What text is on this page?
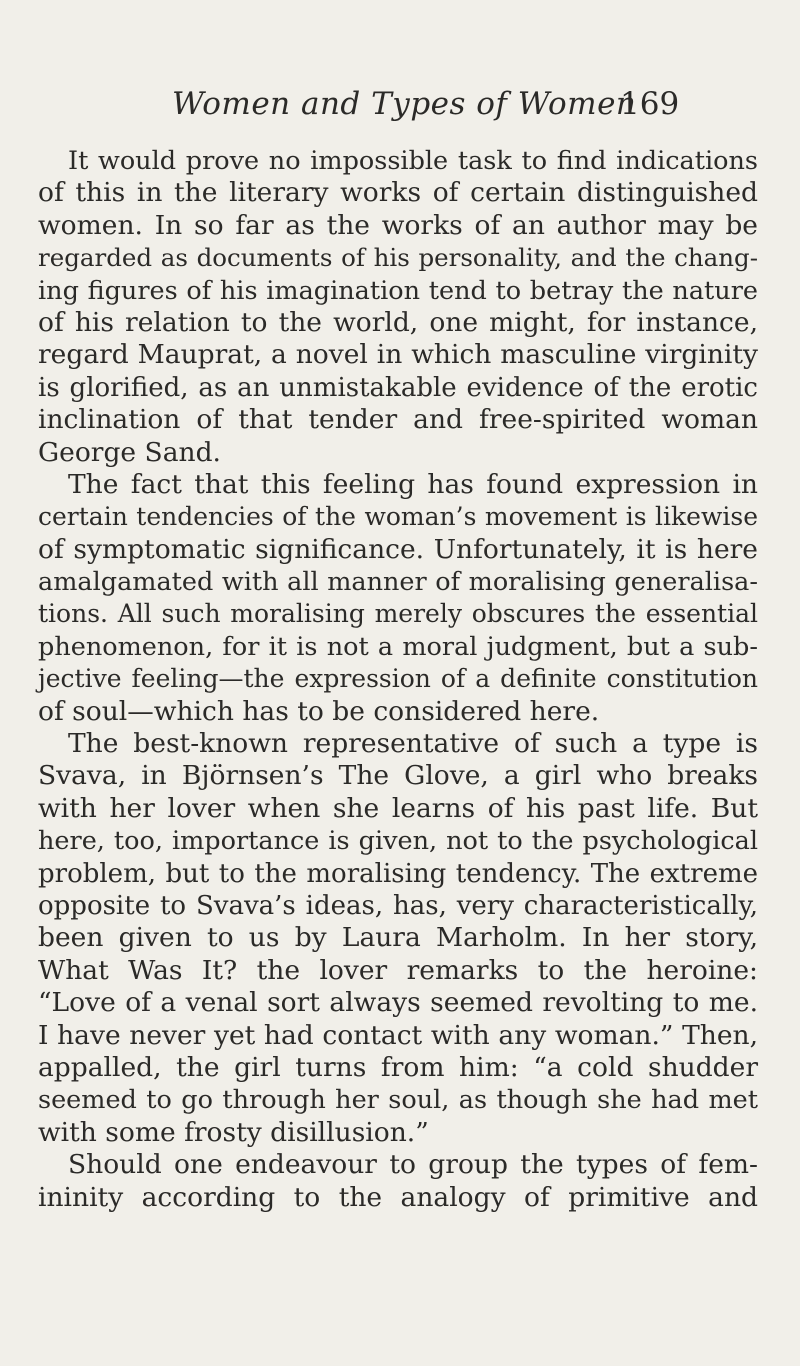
Women and Types of Women
169
It would prove no impossible task to find indications
of this in the literary works of certain distinguished
women. In so far as the works of an author may be
regarded as documents of his personality, and the chang-
ing figures of his imagination tend to betray the nature
of his relation to the world, one might, for instance,
regard Mauprat, a novel in which masculine virginity
is glorified, as an unmistakable evidence of the erotic
inclination of that tender and free-spirited woman
George Sand.
The fact that this feeling has found expression in
certain tendencies of the woman’s movement is likewise
of symptomatic significance. Unfortunately, it is here
amalgamated with all manner of moralising generalisa-
tions. All such moralising merely obscures the essential
phenomenon, for it is not a moral judgment, but a sub-
jective feeling—the expression of a definite constitution
of soul—which has to be considered here.
The best-known representative of such a type is
Svava, in Björnsen’s The Glove, a girl who breaks
with her lover when she learns of his past life. But
here, too, importance is given, not to the psychological
problem, but to the moralising tendency. The extreme
opposite to Svava’s ideas, has, very characteristically,
been given to us by Laura Marholm. In her story,
What Was It? the lover remarks to the heroine:
“Love of a venal sort always seemed revolting to me.
I have never yet had contact with any woman.” Then,
appalled, the girl turns from him: “a cold shudder
seemed to go through her soul, as though she had met
with some frosty disillusion.”
Should one endeavour to group the types of fem-
ininity according to the analogy of primitive and
